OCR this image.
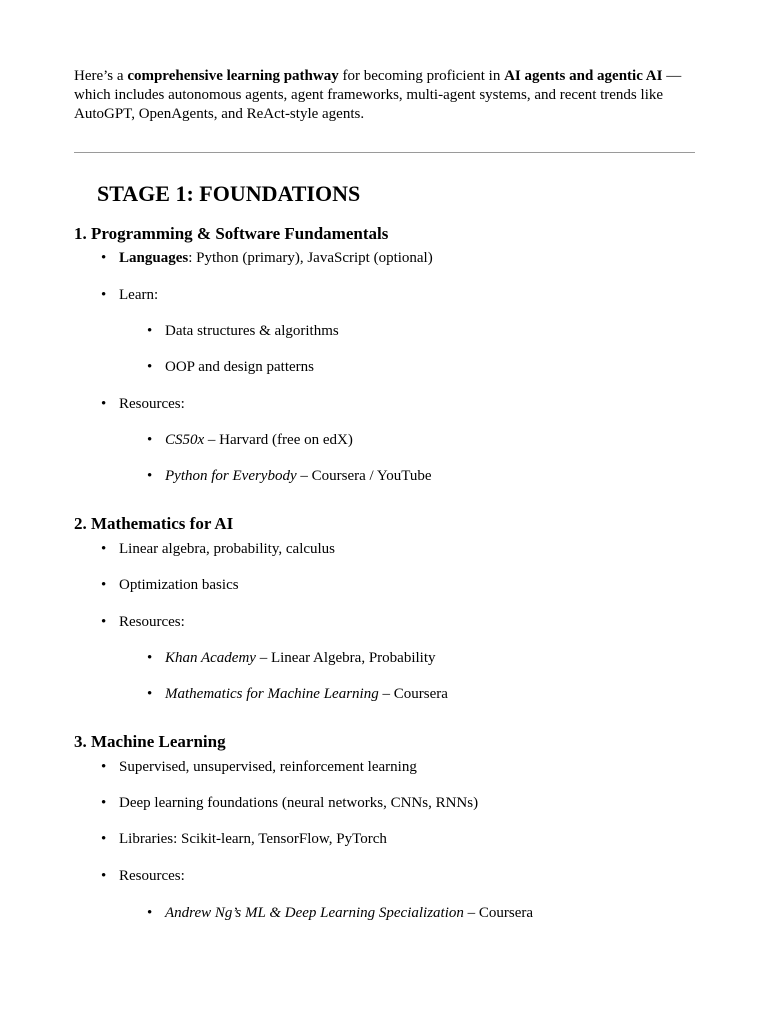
Here’s a comprehensive learning pathway for becoming proficient in AI agents and agentic AI —which includes autonomous agents, agent frameworks, multi-agent systems, and recent trends like AutoGPT, OpenAgents, and ReAct-style agents.

STAGE 1: FOUNDATIONS
1. Programming & Software Fundamentals
• Languages: Python (primary), JavaScript (optional)
• Learn:
• Data structures & algorithms
• OOP and design patterns
• Resources:
• CS50x – Harvard (free on edX)
• Python for Everybody – Coursera / YouTube
2. Mathematics for AI
• Linear algebra, probability, calculus
• Optimization basics
• Resources:
• Khan Academy – Linear Algebra, Probability
• Mathematics for Machine Learning – Coursera
3. Machine Learning
• Supervised, unsupervised, reinforcement learning
• Deep learning foundations (neural networks, CNNs, RNNs)
• Libraries: Scikit-learn, TensorFlow, PyTorch
• Resources:
• Andrew Ng’s ML & Deep Learning Specialization – Coursera
